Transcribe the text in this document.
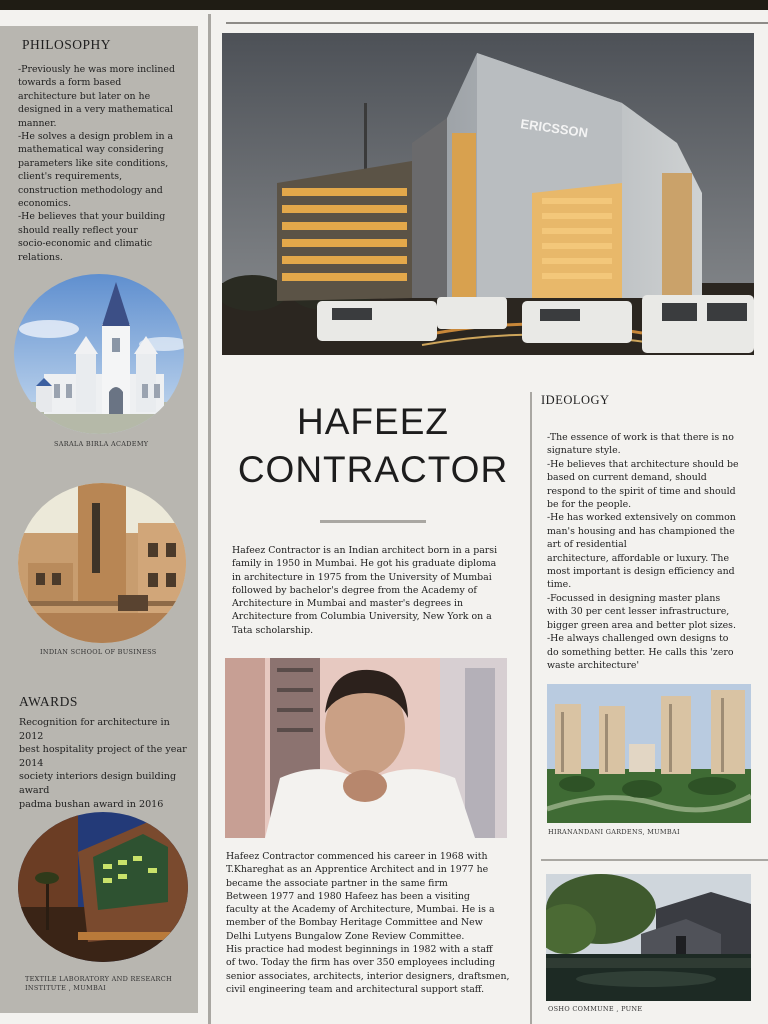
PHILOSOPHY
-Previously he was more inclined
towards a form based
architecture but later on he
designed in a very mathematical
manner.
-He solves a design problem in a
mathematical way considering
parameters like site conditions,
client's requirements,
construction methodology and
economics.
-He believes that your building
should really reflect your
socio-economic and climatic
relations.
SARALA BIRLA ACADEMY
INDIAN SCHOOL OF BUSINESS
AWARDS
Recognition for architecture in 2012
best hospitality project of the year
2014
society interiors design building
award
padma bushan award in 2016
TEXTILE LABORATORY AND RESEARCH
INSTITUTE , MUMBAI
ERICSSON
HAFEEZ
CONTRACTOR
Hafeez Contractor is an Indian architect born in a parsi
family in 1950 in Mumbai. He got his graduate diploma
in architecture in 1975 from the University of Mumbai
followed by bachelor's degree from the Academy of
Architecture in Mumbai and master's degrees in
Architecture from Columbia University, New York on a
Tata scholarship.
Hafeez Contractor commenced his career in 1968 with
T.Khareghat as an Apprentice Architect and in 1977 he
became the associate partner in the same firm
Between 1977 and 1980 Hafeez has been a visiting
faculty at the Academy of Architecture, Mumbai. He is a
member of the Bombay Heritage Committee and New
Delhi Lutyens Bungalow Zone Review Committee.
His practice had modest beginnings in 1982 with a staff
of two. Today the firm has over 350 employees including
senior associates, architects, interior designers, draftsmen,
civil engineering team and architectural support staff.
IDEOLOGY
-The essence of work is that there is no
signature style.
-He believes that architecture should be
based on current demand, should
respond to the spirit of time and should
be for the people.
-He has worked extensively on common
man's housing and has championed the
art of residential
architecture, affordable or luxury. The
most important is design efficiency and
time.
-Focussed in designing master plans
with 30 per cent lesser infrastructure,
bigger green area and better plot sizes.
-He always challenged own designs to
do something better. He calls this 'zero
waste architecture'
HIRANANDANI GARDENS, MUMBAI
OSHO COMMUNE , PUNE
